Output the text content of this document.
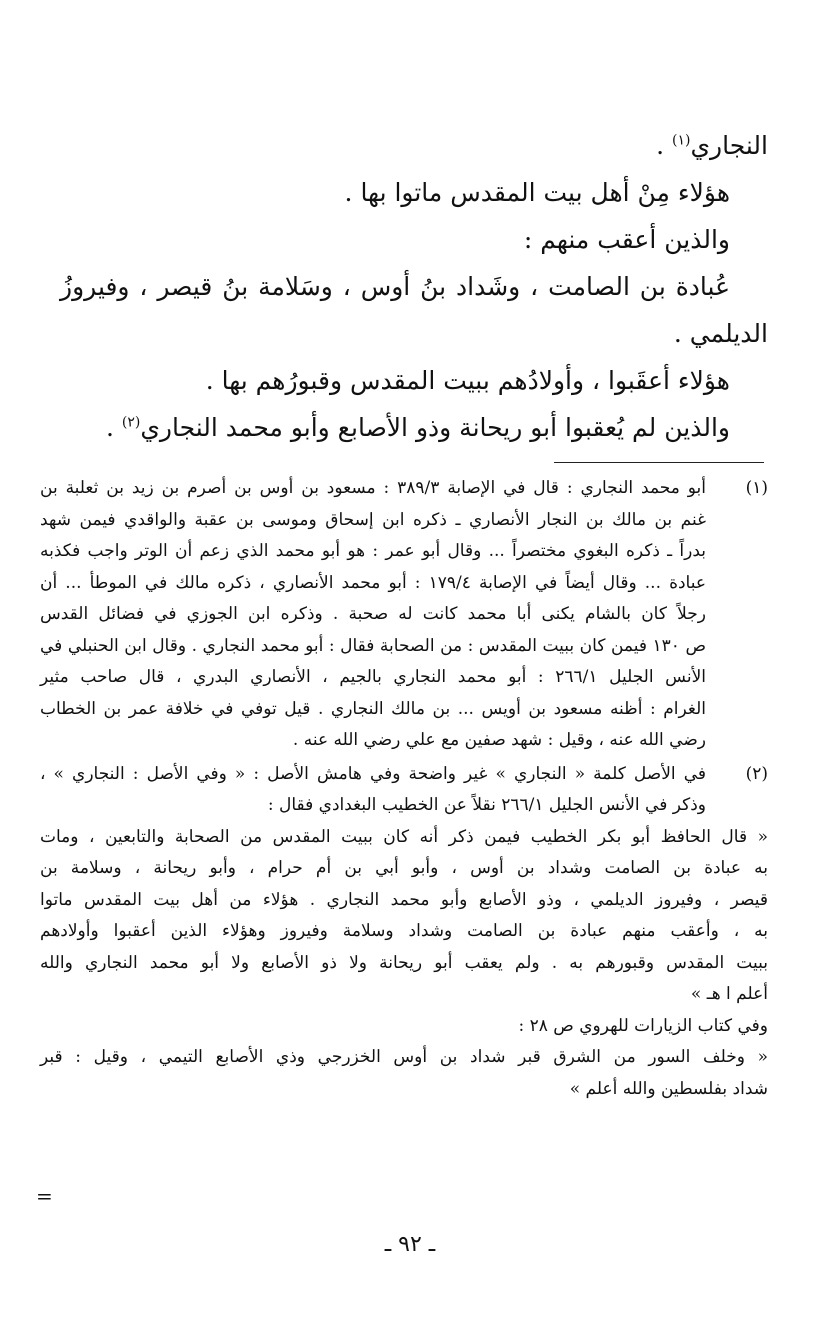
النجاري$^{(١)}$ .
هؤلاء مِنْ أهل بيت المقدس ماتوا بها .
والذين أعقب منهم :
عُبادة بن الصامت ، وشَداد بنُ أوس ، وسَلامة بنُ قيصر ، وفيروزُ
الديلمي .
هؤلاء أعقَبوا ، وأولادُهم ببيت المقدس وقبورُهم بها .
والذين لم يُعقبوا أبو ريحانة وذو الأصابع وأبو محمد النجاري$^{(٢)}$ .
(١)
أبو محمد النجاري : قال في الإصابة ٣٨٩/٣ : مسعود بن أوس بن أصرم بن زيد بن ثعلبة بن
غنم بن مالك بن النجار الأنصاري ـ ذكره ابن إسحاق وموسى بن عقبة والواقدي فيمن شهد
بدراً ـ ذكره البغوي مختصراً ... وقال أبو عمر : هو أبو محمد الذي زعم أن الوتر واجب فكذبه
عبادة ... وقال أيضاً في الإصابة ١٧٩/٤ : أبو محمد الأنصاري ، ذكره مالك في الموطأ ... أن
رجلاً كان بالشام يكنى أبا محمد كانت له صحبة . وذكره ابن الجوزي في فضائل القدس
ص ١٣٠ فيمن كان ببيت المقدس : من الصحابة فقال : أبو محمد النجاري . وقال ابن الحنبلي في
الأنس الجليل ٢٦٦/١ : أبو محمد النجاري بالجيم ، الأنصاري البدري ، قال صاحب مثير
الغرام : أظنه مسعود بن أويس ... بن مالك النجاري . قيل توفي في خلافة عمر بن الخطاب
رضي الله عنه ، وقيل : شهد صفين مع علي رضي الله عنه .
(٢)
في الأصل كلمة « النجاري » غير واضحة وفي هامش الأصل : « وفي الأصل : النجاري » ،
وذكر في الأنس الجليل ٢٦٦/١ نقلاً عن الخطيب البغدادي فقال :
« قال الحافظ أبو بكر الخطيب فيمن ذكر أنه كان ببيت المقدس من الصحابة والتابعين ، ومات
به عبادة بن الصامت وشداد بن أوس ، وأبو أبي بن أم حرام ، وأبو ريحانة ، وسلامة بن
قيصر ، وفيروز الديلمي ، وذو الأصابع وأبو محمد النجاري . هؤلاء من أهل بيت المقدس ماتوا
به ، وأعقب منهم عبادة بن الصامت وشداد وسلامة وفيروز وهؤلاء الذين أعقبوا وأولادهم
ببيت المقدس وقبورهم به . ولم يعقب أبو ريحانة ولا ذو الأصابع ولا أبو محمد النجاري والله
أعلم ا هـ »
وفي كتاب الزيارات للهروي ص ٢٨ :
« وخلف السور من الشرق قبر شداد بن أوس الخزرجي وذي الأصابع التيمي ، وقيل : قبر
شداد بفلسطين والله أعلم »
=
ـ ٩٢ ـ
